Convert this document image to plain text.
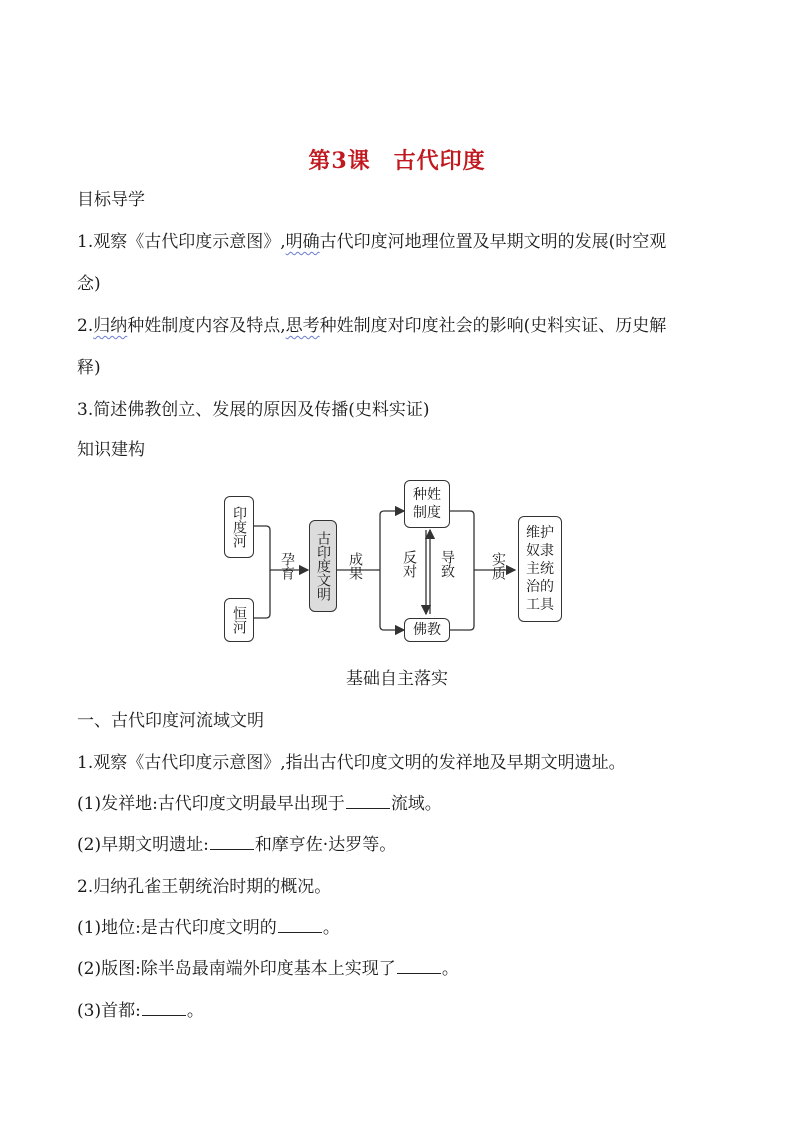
第3课　古代印度
目标导学
1.观察《古代印度示意图》,明确古代印度河地理位置及早期文明的发展(时空观
念)
2.归纳种姓制度内容及特点,思考种姓制度对印度社会的影响(史料实证、历史解
释)
3.简述佛教创立、发展的原因及传播(史料实证)
知识建构
印度河
恒河
孕育 古印度文明 成果
种姓制度
佛教
反对 导致	实质
维护奴隶主统治的工具
基础自主落实
一、古代印度河流域文明
1.观察《古代印度示意图》,指出古代印度文明的发祥地及早期文明遗址。
(1)发祥地:古代印度文明最早出现于	流域。
(2)早期文明遗址:	和摩亨佐·达罗等。
2.归纳孔雀王朝统治时期的概况。
(1)地位:是古代印度文明的	。
(2)版图:除半岛最南端外印度基本上实现了	。
(3)首都:	。
